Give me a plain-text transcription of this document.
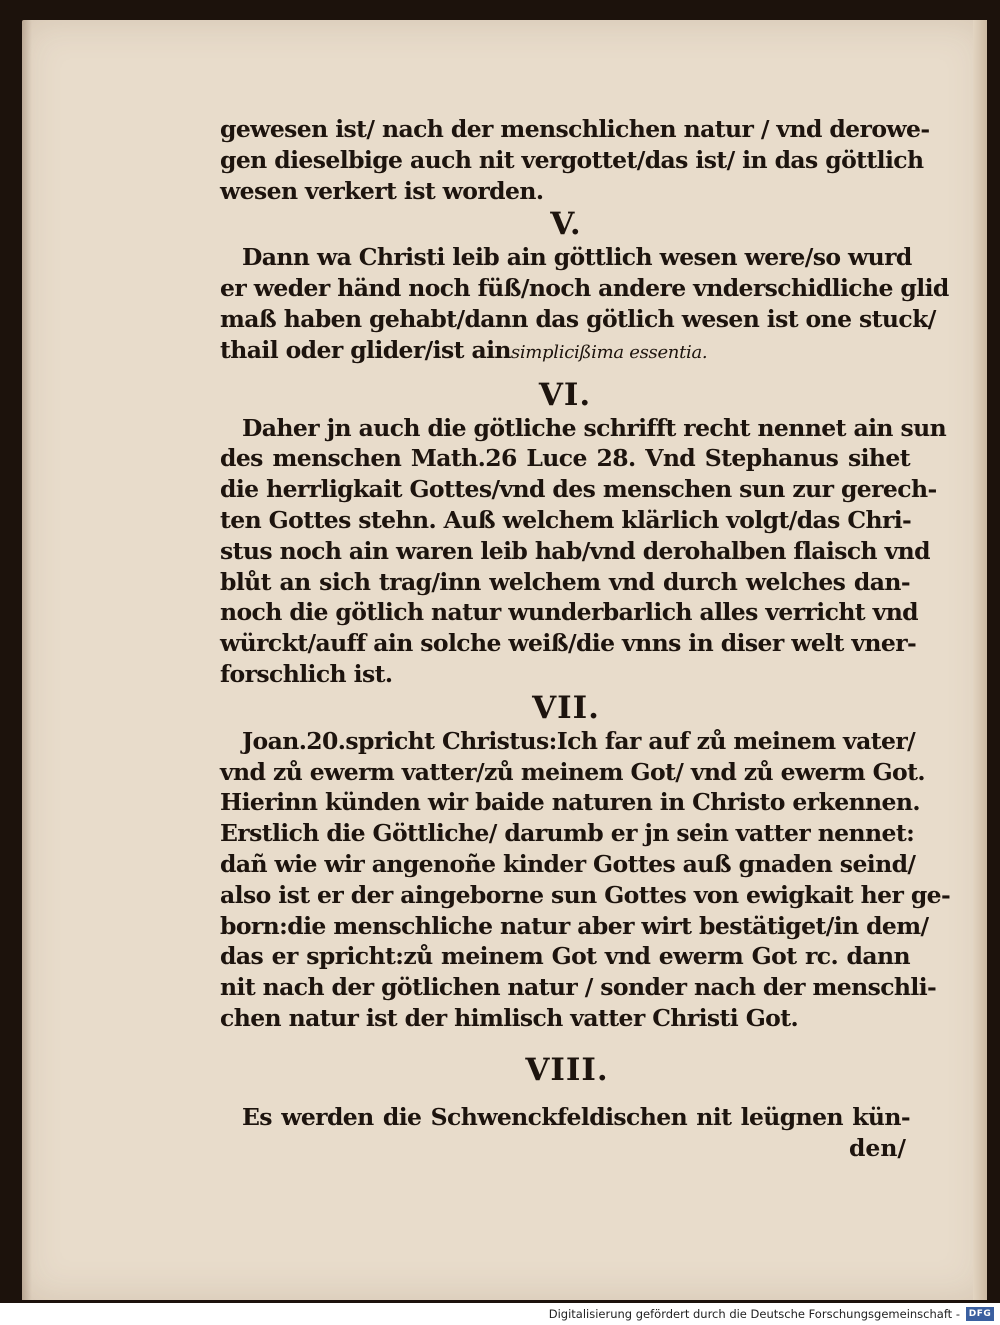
gewesen ist/ nach der menschlichen natur / vnd derowe-
gen dieselbige auch nit vergottet/das ist/ in das göttlich
wesen verkert ist worden.
V.
Dann wa Christi leib ain göttlich wesen were/so wurd
er weder händ noch füß/noch andere vnderschidliche glid
maß haben gehabt/dann das götlich wesen ist one stuck/
thail oder glider/ist ainsimplicißima essentia.
VI.
Daher jn auch die götliche schrifft recht nennet ain sun
des menschen Math.26 Luce 28. Vnd Stephanus sihet
die herrligkait Gottes/vnd des menschen sun zur gerech-
ten Gottes stehn. Auß welchem klärlich volgt/das Chri-
stus noch ain waren leib hab/vnd derohalben flaisch vnd
blůt an sich trag/inn welchem vnd durch welches dan-
noch die götlich natur wunderbarlich alles verricht vnd
würckt/auff ain solche weiß/die vnns in diser welt vner-
forschlich ist.
VII.
Joan.20.spricht Christus:Ich far auf zů meinem vater/
vnd zů ewerm vatter/zů meinem Got/ vnd zů ewerm Got.
Hierinn künden wir baide naturen in Christo erkennen.
Erstlich die Göttliche/ darumb er jn sein vatter nennet:
dañ wie wir angenoñe kinder Gottes auß gnaden seind/
also ist er der aingeborne sun Gottes von ewigkait her ge-
born:die menschliche natur aber wirt bestätiget/in dem/
das er spricht:zů meinem Got vnd ewerm Got rc. dann
nit nach der götlichen natur / sonder nach der menschli-
chen natur ist der himlisch vatter Christi Got.
VIII.
Es werden die Schwenckfeldischen nit leügnen kün-
den/
Digitalisierung gefördert durch die Deutsche Forschungsgemeinschaft - DFG
